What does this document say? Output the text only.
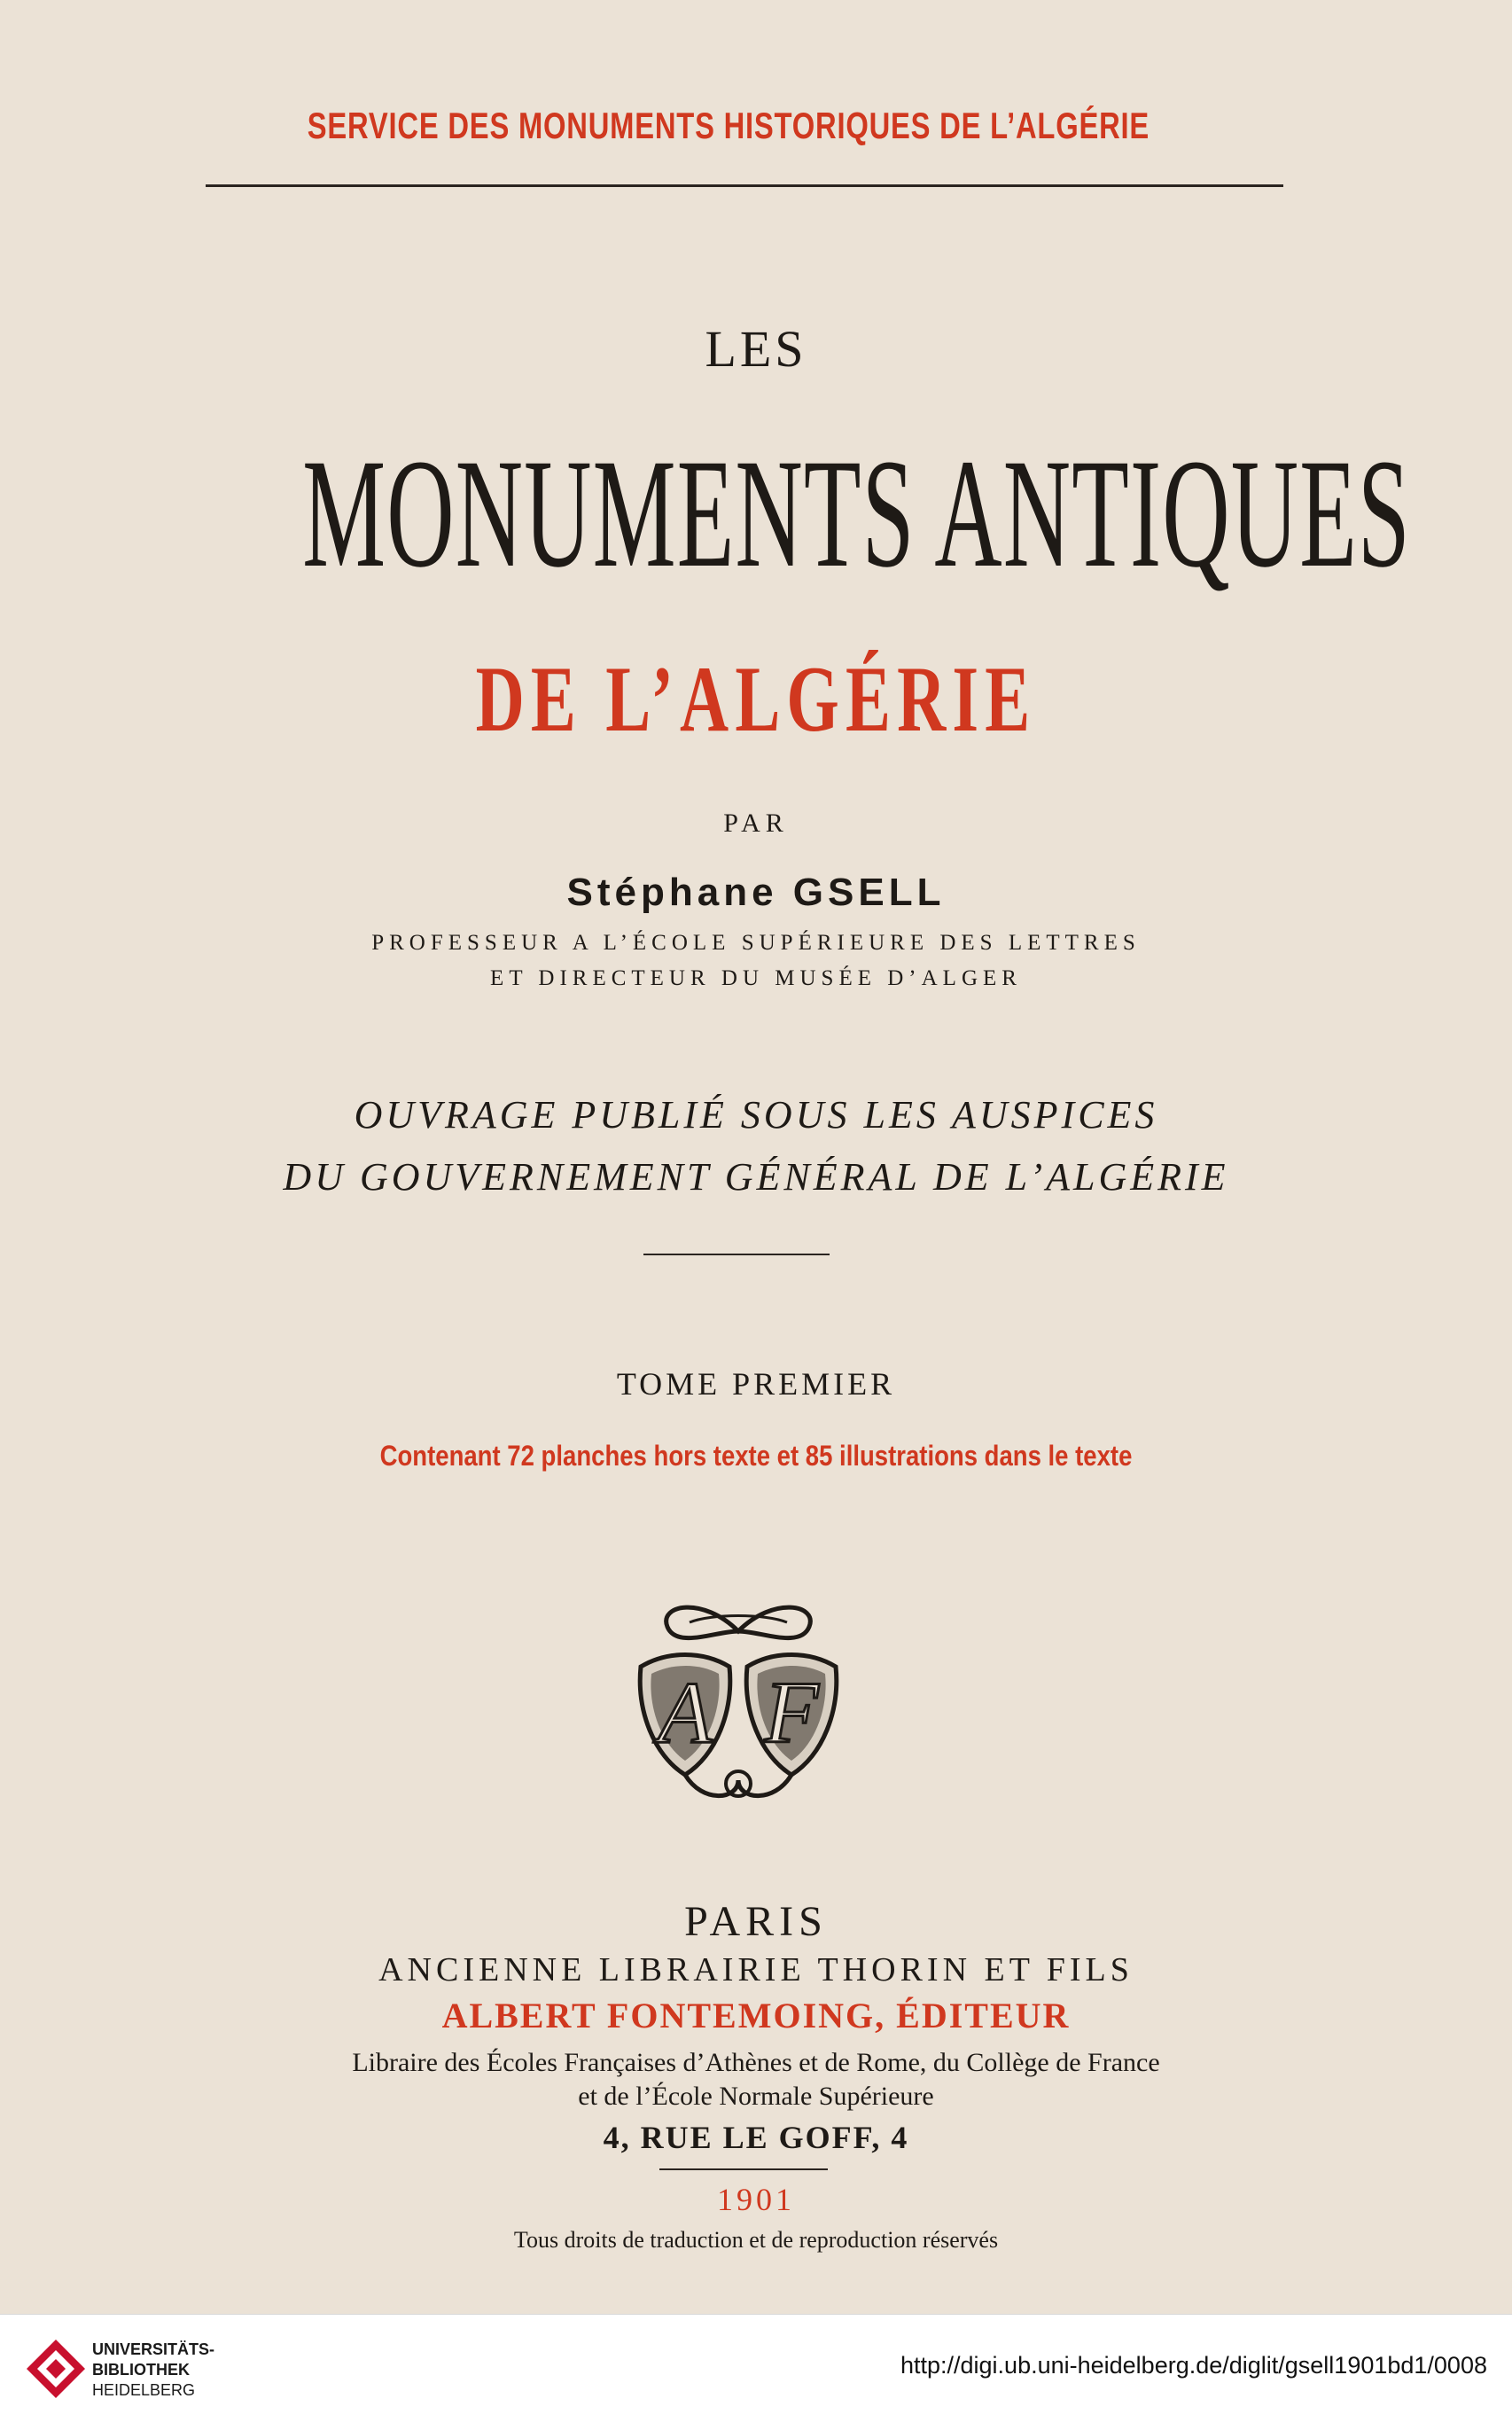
SERVICE DES MONUMENTS HISTORIQUES DE L’ALGÉRIE
LES
MONUMENTS ANTIQUES
DE L’ALGÉRIE
PAR
Stéphane GSELL
PROFESSEUR A L’ÉCOLE SUPÉRIEURE DES LETTRES
ET DIRECTEUR DU MUSÉE D’ALGER
OUVRAGE PUBLIÉ SOUS LES AUSPICES
DU GOUVERNEMENT GÉNÉRAL DE L’ALGÉRIE
TOME PREMIER
Contenant 72 planches hors texte et 85 illustrations dans le texte
A F
PARIS
ANCIENNE LIBRAIRIE THORIN ET FILS
ALBERT FONTEMOING, ÉDITEUR
Libraire des Écoles Françaises d’Athènes et de Rome, du Collège de France
et de l’École Normale Supérieure
4, RUE LE GOFF, 4
1901
Tous droits de traduction et de reproduction réservés
UNIVERSITÄTS-
BIBLIOTHEK
HEIDELBERG
http://digi.ub.uni-heidelberg.de/diglit/gsell1901bd1/0008
